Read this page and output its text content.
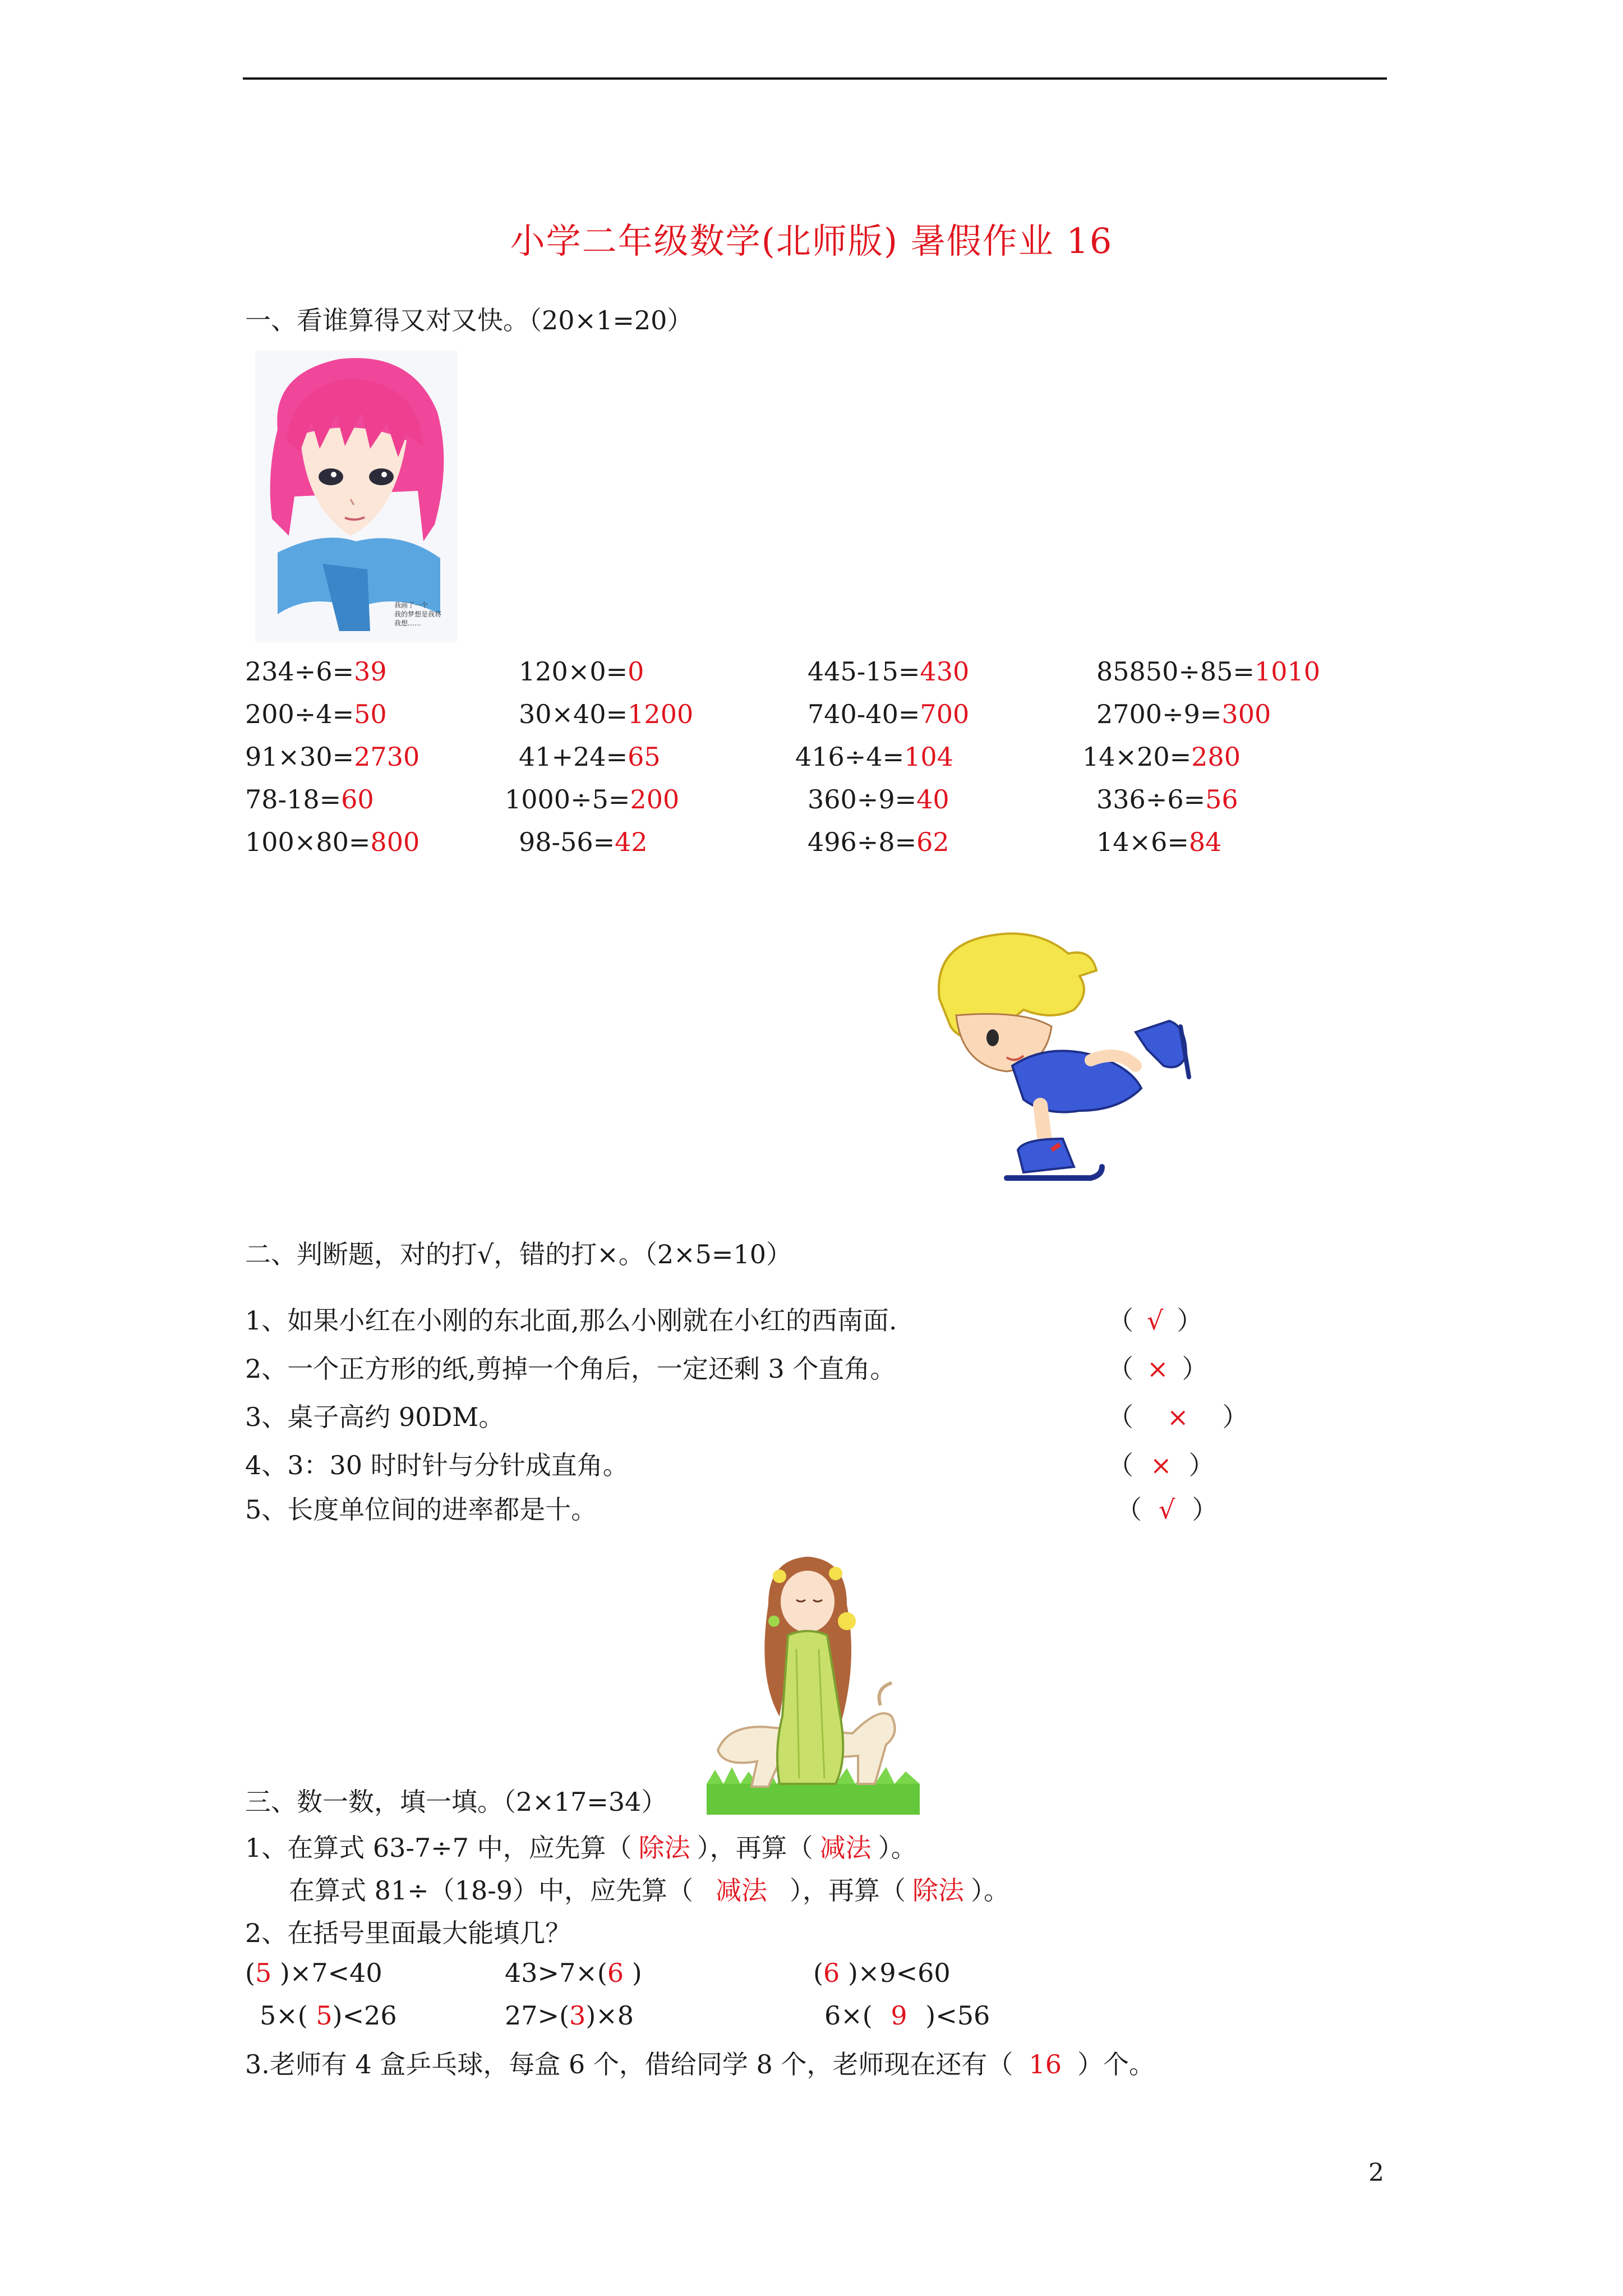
小学二年级数学(北师版) 暑假作业 16
一、看谁算得又对又快。（20×1=20）
我画了一个
我的梦想是我将
我想……
234÷6=39	120×0=0	445-15=430	85850÷85=1010
200÷4=50	30×40=1200	740-40=700	2700÷9=300
91×30=2730	41+24=65	416÷4=104	14×20=280
78-18=60	1000÷5=200	360÷9=40	336÷6=56
100×80=800	98-56=42	496÷8=62	14×6=84
二、判断题，对的打√，错的打×。（2×5=10）
1、如果小红在小刚的东北面,那么小刚就在小红的西南面.	（ √ ）
2、一个正方形的纸,剪掉一个角后，一定还剩 3 个直角。	（ × ）
3、桌子高约 90DM。	（ × ）
4、3：30 时时针与分针成直角。	（ × ）
5、长度单位间的进率都是十。	（ √ ）
三、数一数，填一填。（2×17=34）
1、在算式 63-7÷7 中，应先算（ 除法 ），再算（ 减法 ）。
在算式 81÷（18-9）中，应先算（ 减法 ），再算（ 除法 ）。
2、在括号里面最大能填几？
(5 )×7<40	43>7×(6 )	(6 )×9<60
5×( 5)<26	27>(3)×8	6×( 9 )<56
3.老师有 4 盒乒乓球，每盒 6 个，借给同学 8 个，老师现在还有（ 16 ）个。
2
